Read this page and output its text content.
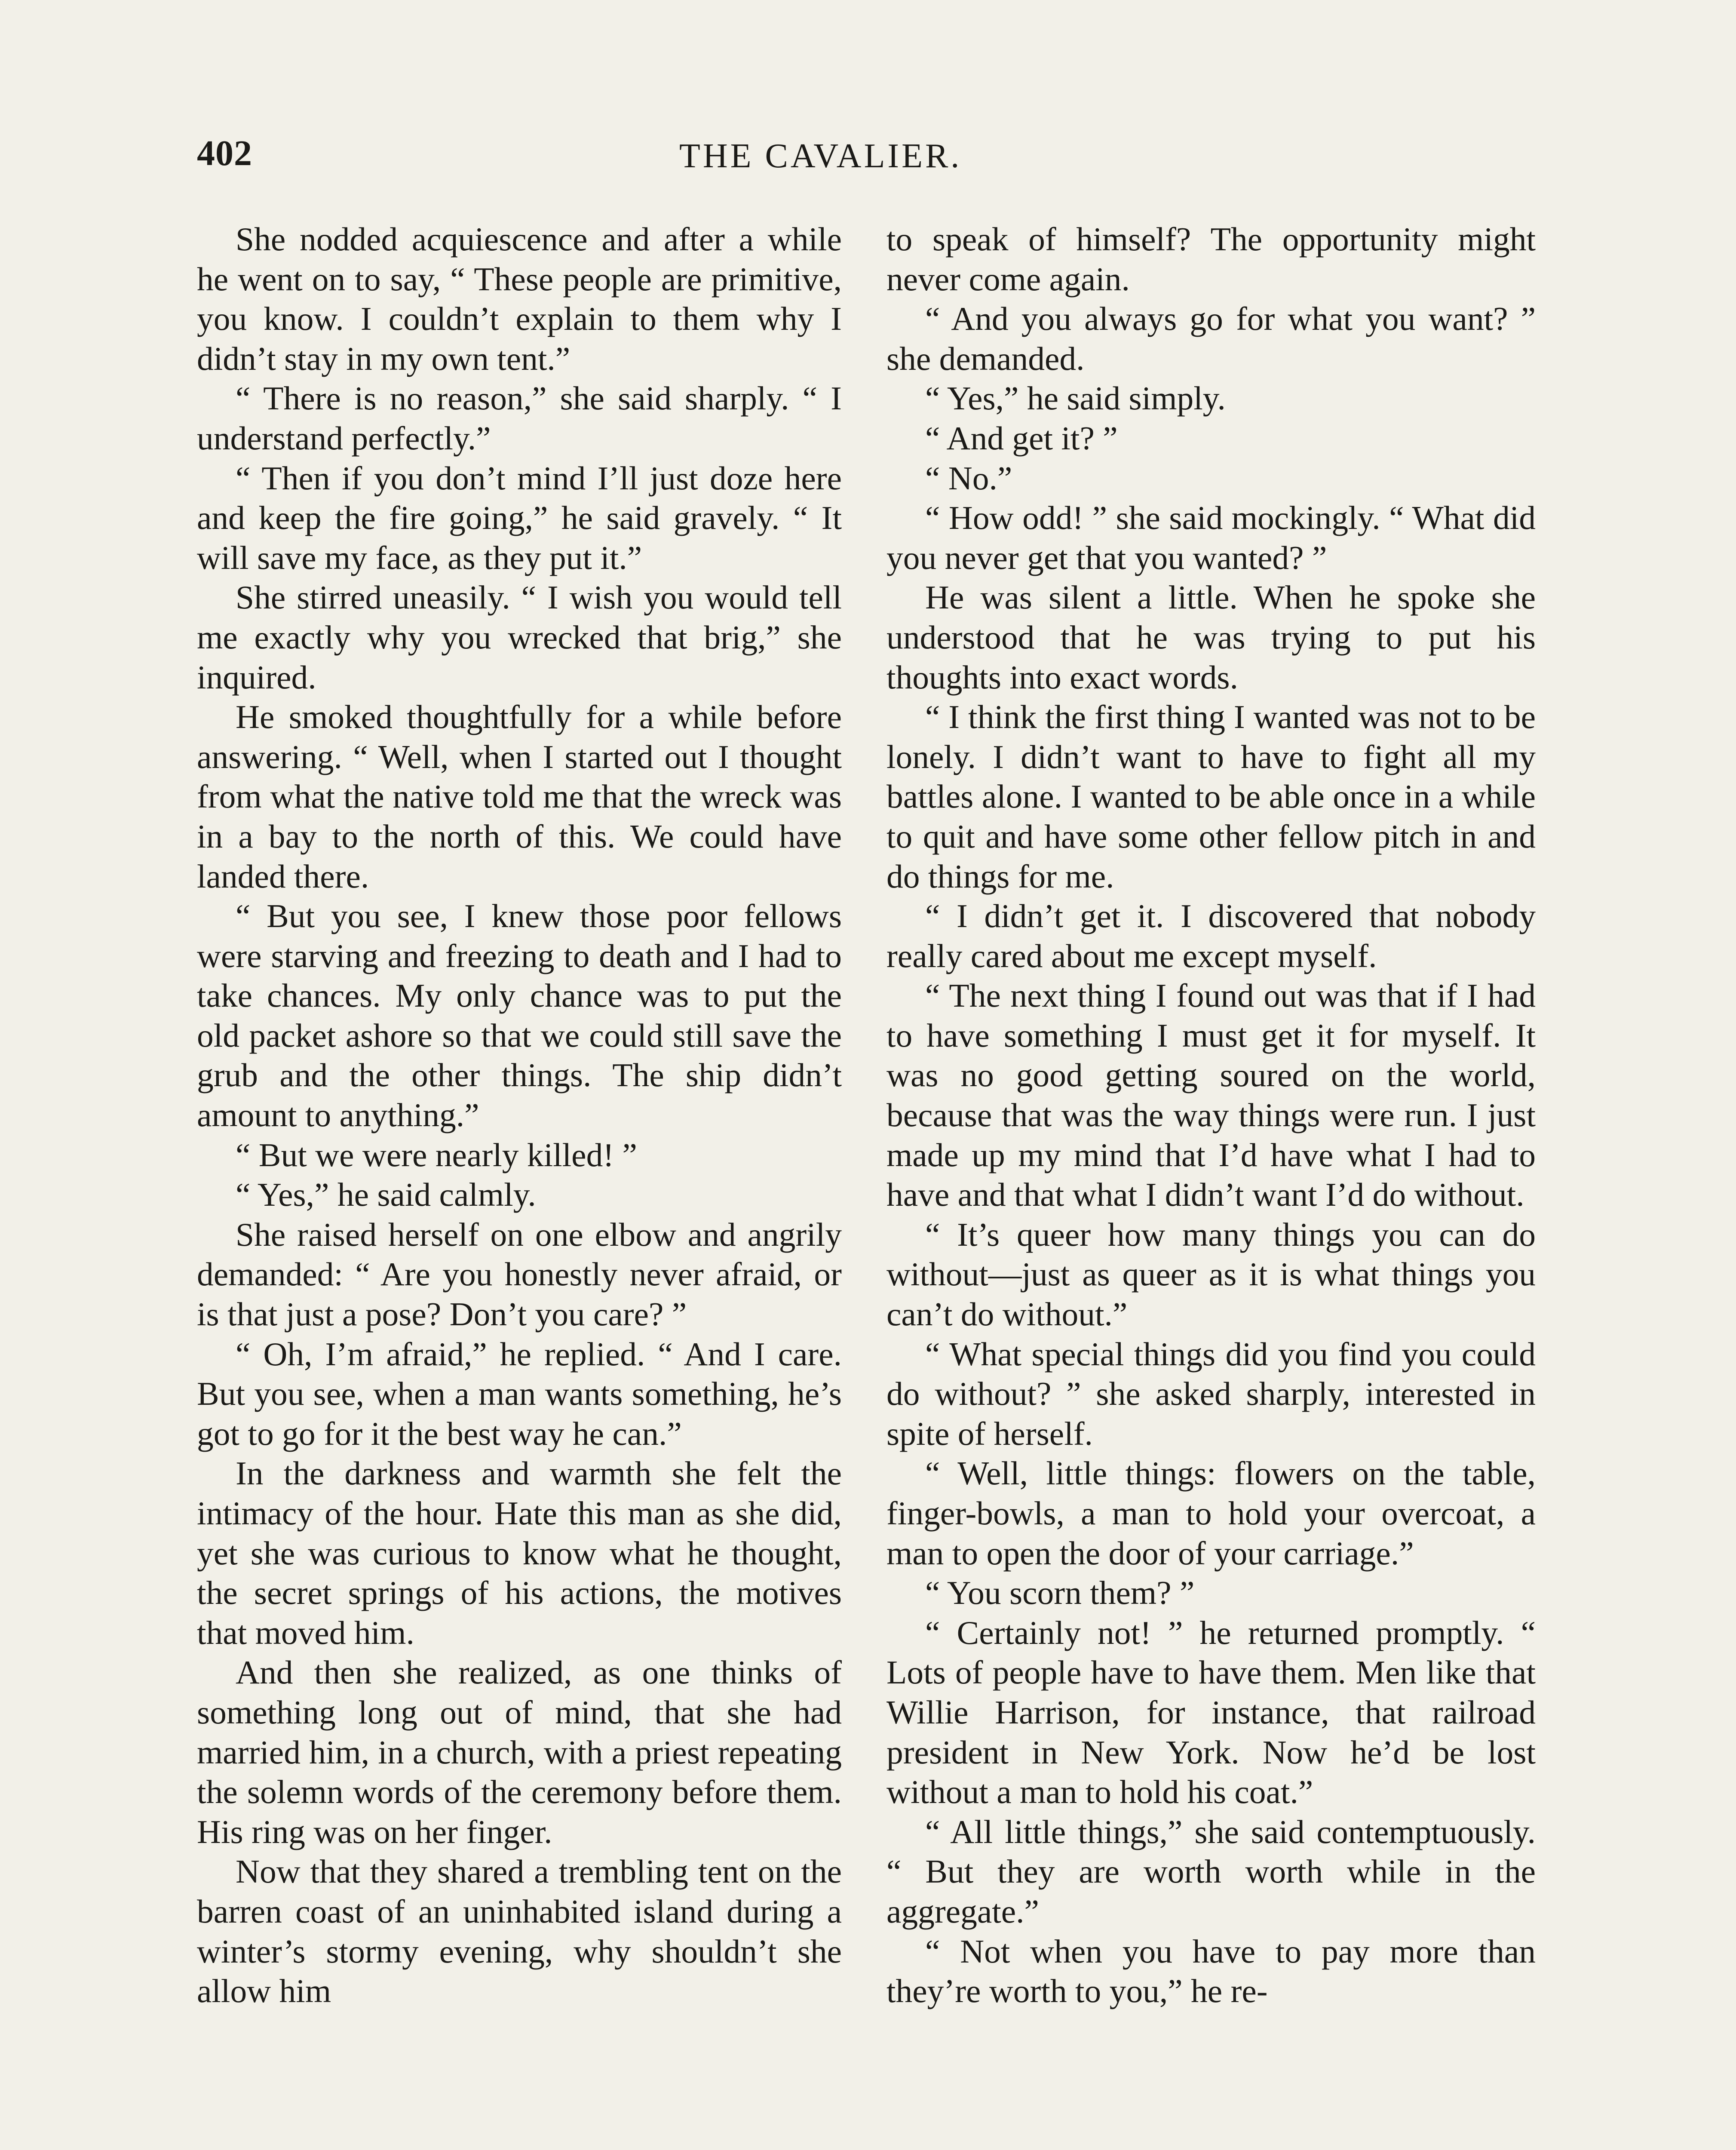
402	THE CAVALIER.

She nodded acquiescence and after a while he went on to say, “ These people are primitive, you know. I couldn’t explain to them why I didn’t stay in my own tent.”

“ There is no reason,” she said sharply. “ I understand perfectly.”

“ Then if you don’t mind I’ll just doze here and keep the fire going,” he said gravely. “ It will save my face, as they put it.”

She stirred uneasily. “ I wish you would tell me exactly why you wrecked that brig,” she inquired.

He smoked thoughtfully for a while before answering. “ Well, when I started out I thought from what the native told me that the wreck was in a bay to the north of this. We could have landed there.

“ But you see, I knew those poor fellows were starving and freezing to death and I had to take chances. My only chance was to put the old packet ashore so that we could still save the grub and the other things. The ship didn’t amount to anything.”

“ But we were nearly killed! ”

“ Yes,” he said calmly.

She raised herself on one elbow and angrily demanded: “ Are you honestly never afraid, or is that just a pose? Don’t you care? ”

“ Oh, I’m afraid,” he replied. “ And I care. But you see, when a man wants something, he’s got to go for it the best way he can.”

In the darkness and warmth she felt the intimacy of the hour. Hate this man as she did, yet she was curious to know what he thought, the secret springs of his actions, the motives that moved him.

And then she realized, as one thinks of something long out of mind, that she had married him, in a church, with a priest repeating the solemn words of the ceremony before them. His ring was on her finger.

Now that they shared a trembling tent on the barren coast of an uninhabited island during a winter’s stormy evening, why shouldn’t she allow him

to speak of himself? The opportunity might never come again.

“ And you always go for what you want? ” she demanded.

“ Yes,” he said simply.

“ And get it? ”

“ No.”

“ How odd! ” she said mockingly. “ What did you never get that you wanted? ”

He was silent a little. When he spoke she understood that he was trying to put his thoughts into exact words.

“ I think the first thing I wanted was not to be lonely. I didn’t want to have to fight all my battles alone. I wanted to be able once in a while to quit and have some other fellow pitch in and do things for me.

“ I didn’t get it. I discovered that nobody really cared about me except myself.

“ The next thing I found out was that if I had to have something I must get it for myself. It was no good getting soured on the world, because that was the way things were run. I just made up my mind that I’d have what I had to have and that what I didn’t want I’d do without.

“ It’s queer how many things you can do without—just as queer as it is what things you can’t do without.”

“ What special things did you find you could do without? ” she asked sharply, interested in spite of herself.

“ Well, little things: flowers on the table, finger-bowls, a man to hold your overcoat, a man to open the door of your carriage.”

“ You scorn them? ”

“ Certainly not! ” he returned promptly. “ Lots of people have to have them. Men like that Willie Harrison, for instance, that railroad president in New York. Now he’d be lost without a man to hold his coat.”

“ All little things,” she said contemptuously. “ But they are worth worth while in the aggregate.”

“ Not when you have to pay more than they’re worth to you,” he re-
